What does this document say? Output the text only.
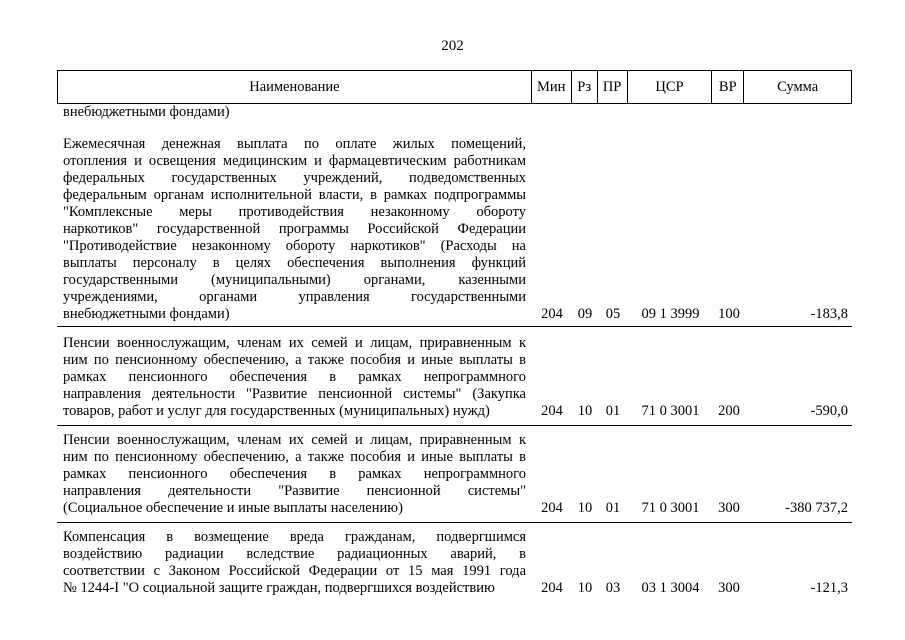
202
Наименование	Мин Рз ПР	ЦСР	ВР	Сумма
внебюджетными фондами)
Ежемесячная денежная выплата по оплате жилых помещений,
отопления и освещения медицинским и фармацевтическим работникам
федеральных государственных учреждений, подведомственных
федеральным органам исполнительной власти, в рамках подпрограммы
"Комплексные меры противодействия незаконному обороту
наркотиков" государственной программы Российской Федерации
"Противодействие незаконному обороту наркотиков" (Расходы на
выплаты персоналу в целях обеспечения выполнения функций
государственными (муниципальными) органами, казенными
учреждениями, органами управления государственными
внебюджетными фондами)	204	09 05	09 1 3999	100	-183,8
Пенсии военнослужащим, членам их семей и лицам, приравненным к
ним по пенсионному обеспечению, а также пособия и иные выплаты в
рамках пенсионного обеспечения в рамках непрограммного
направления деятельности "Развитие пенсионной системы" (Закупка
товаров, работ и услуг для государственных (муниципальных) нужд)	204	10 01	71 0 3001	200	-590,0
Пенсии военнослужащим, членам их семей и лицам, приравненным к
ним по пенсионному обеспечению, а также пособия и иные выплаты в
рамках пенсионного обеспечения в рамках непрограммного
направления деятельности "Развитие пенсионной системы"
(Социальное обеспечение и иные выплаты населению)	204	10 01	71 0 3001	300	-380 737,2
Компенсация в возмещение вреда гражданам, подвергшимся
воздействию радиации вследствие радиационных аварий, в
соответствии с Законом Российской Федерации от 15 мая 1991 года
№ 1244-I "О социальной защите граждан, подвергшихся воздействию	204	10 03	03 1 3004	300	-121,3
